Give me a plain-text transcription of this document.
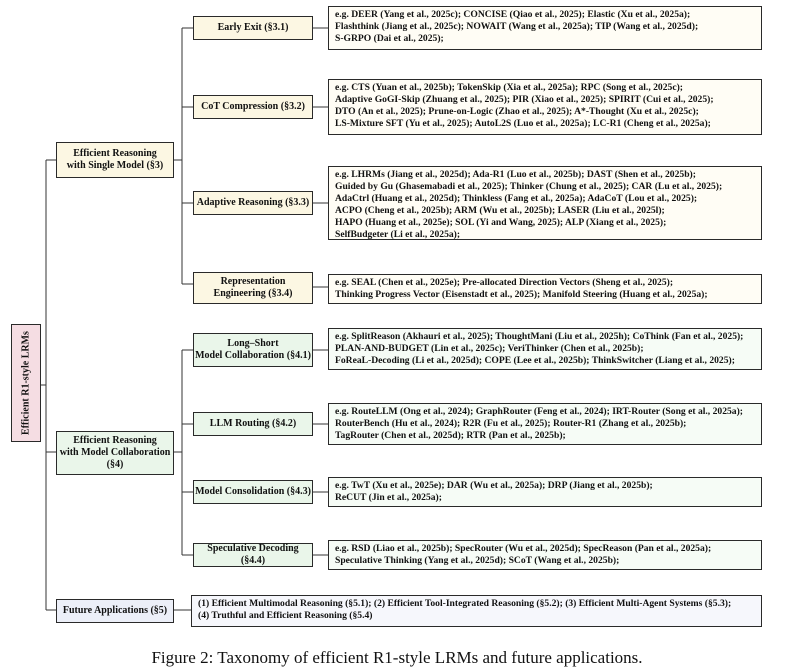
Efficient R1-style LRMs
Efficient Reasoning
with Single Model (§3)
Early Exit (§3.1)
e.g. DEER (Yang et al., 2025c); CONCISE (Qiao et al., 2025); Elastic (Xu et al., 2025a);
Flashthink (Jiang et al., 2025c); NOWAIT (Wang et al., 2025a); TIP (Wang et al., 2025d);
S-GRPO (Dai et al., 2025);
CoT Compression (§3.2)
e.g. CTS (Yuan et al., 2025b); TokenSkip (Xia et al., 2025a); RPC (Song et al., 2025c);
Adaptive GoGI-Skip (Zhuang et al., 2025); PIR (Xiao et al., 2025); SPIRIT (Cui et al., 2025);
DTO (An et al., 2025); Prune-on-Logic (Zhao et al., 2025); A*-Thought (Xu et al., 2025c);
LS-Mixture SFT (Yu et al., 2025); AutoL2S (Luo et al., 2025a); LC-R1 (Cheng et al., 2025a);
Adaptive Reasoning (§3.3)
e.g. LHRMs (Jiang et al., 2025d); Ada-R1 (Luo et al., 2025b); DAST (Shen et al., 2025b);
Guided by Gu (Ghasemabadi et al., 2025); Thinker (Chung et al., 2025); CAR (Lu et al., 2025);
AdaCtrl (Huang et al., 2025d); Thinkless (Fang et al., 2025a); AdaCoT (Lou et al., 2025);
ACPO (Cheng et al., 2025b); ARM (Wu et al., 2025b); LASER (Liu et al., 2025l);
HAPO (Huang et al., 2025e); SOL (Yi and Wang, 2025); ALP (Xiang et al., 2025);
SelfBudgeter (Li et al., 2025a);
Representation
Engineering (§3.4)
e.g. SEAL (Chen et al., 2025e); Pre-allocated Direction Vectors (Sheng et al., 2025);
Thinking Progress Vector (Eisenstadt et al., 2025); Manifold Steering (Huang et al., 2025a);
Efficient Reasoning
with Model Collaboration
(§4)
Long–Short
Model Collaboration (§4.1)
e.g. SplitReason (Akhauri et al., 2025); ThoughtMani (Liu et al., 2025h); CoThink (Fan et al., 2025);
PLAN-AND-BUDGET (Lin et al., 2025c); VeriThinker (Chen et al., 2025b);
FoReaL-Decoding (Li et al., 2025d); COPE (Lee et al., 2025b); ThinkSwitcher (Liang et al., 2025);
LLM Routing (§4.2)
e.g. RouteLLM (Ong et al., 2024); GraphRouter (Feng et al., 2024); IRT-Router (Song et al., 2025a);
RouterBench (Hu et al., 2024); R2R (Fu et al., 2025); Router-R1 (Zhang et al., 2025b);
TagRouter (Chen et al., 2025d); RTR (Pan et al., 2025b);
Model Consolidation (§4.3)
e.g. TwT (Xu et al., 2025e); DAR (Wu et al., 2025a); DRP (Jiang et al., 2025b);
ReCUT (Jin et al., 2025a);
Speculative Decoding (§4.4)
e.g. RSD (Liao et al., 2025b); SpecRouter (Wu et al., 2025d); SpecReason (Pan et al., 2025a);
Speculative Thinking (Yang et al., 2025d); SCoT (Wang et al., 2025b);
Future Applications (§5)
(1) Efficient Multimodal Reasoning (§5.1); (2) Efficient Tool-Integrated Reasoning (§5.2); (3) Efficient Multi-Agent Systems (§5.3);
(4) Truthful and Efficient Reasoning (§5.4)
Figure 2: Taxonomy of efficient R1-style LRMs and future applications.
